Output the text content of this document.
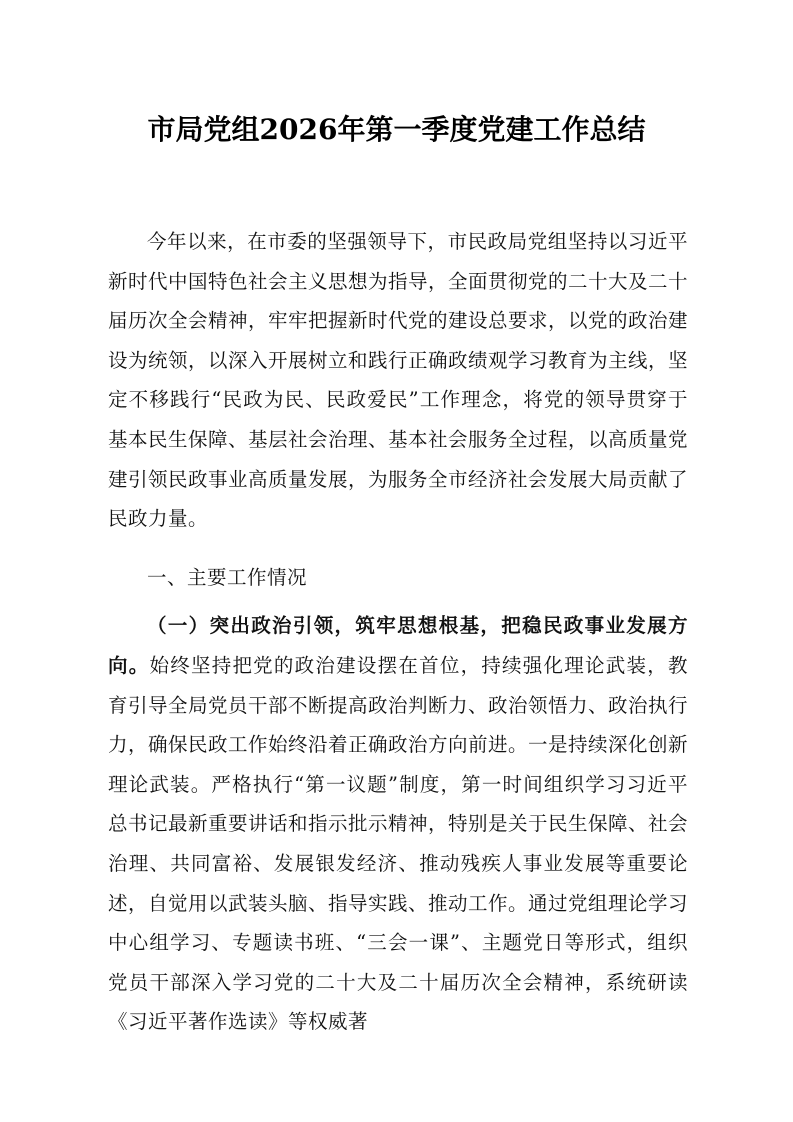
市局党组2026年第一季度党建工作总结

今年以来，在市委的坚强领导下，市民政局党组坚持以习近平新时代中国特色社会主义思想为指导，全面贯彻党的二十大及二十届历次全会精神，牢牢把握新时代党的建设总要求，以党的政治建设为统领，以深入开展树立和践行正确政绩观学习教育为主线，坚定不移践行“民政为民、民政爱民”工作理念，将党的领导贯穿于基本民生保障、基层社会治理、基本社会服务全过程，以高质量党建引领民政事业高质量发展，为服务全市经济社会发展大局贡献了民政力量。

一、主要工作情况

（一）突出政治引领，筑牢思想根基，把稳民政事业发展方向。始终坚持把党的政治建设摆在首位，持续强化理论武装，教育引导全局党员干部不断提高政治判断力、政治领悟力、政治执行力，确保民政工作始终沿着正确政治方向前进。一是持续深化创新理论武装。严格执行“第一议题”制度，第一时间组织学习习近平总书记最新重要讲话和指示批示精神，特别是关于民生保障、社会治理、共同富裕、发展银发经济、推动残疾人事业发展等重要论述，自觉用以武装头脑、指导实践、推动工作。通过党组理论学习中心组学习、专题读书班、“三会一课”、主题党日等形式，组织党员干部深入学习党的二十大及二十届历次全会精神，系统研读《习近平著作选读》等权威著
